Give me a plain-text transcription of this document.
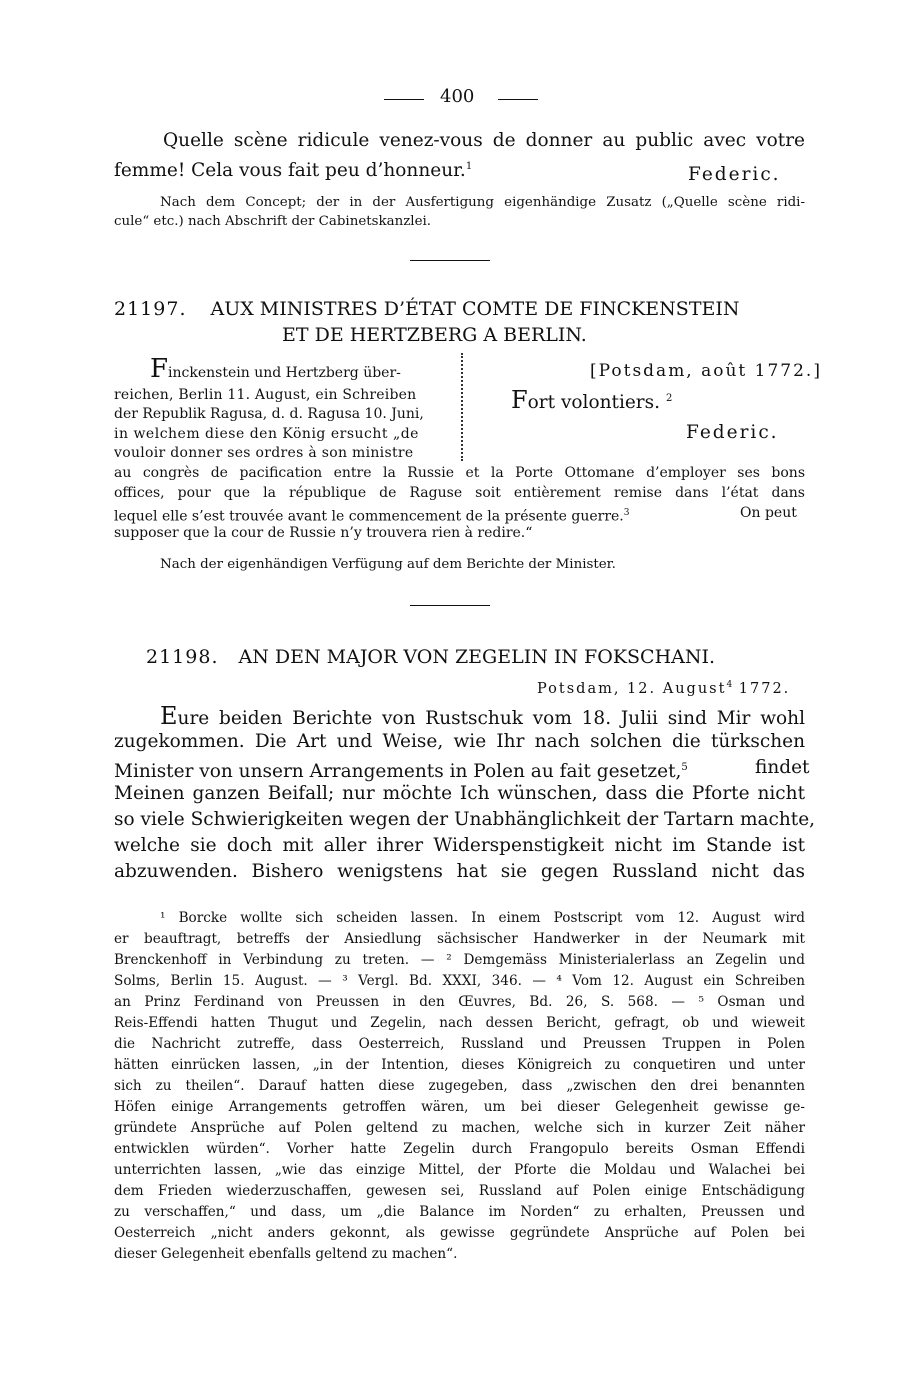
400
Quelle scène ridicule venez-vous de donner au public avec votre
femme! Cela vous fait peu d’honneur.$^1$	Federic.
Nach dem Concept; der in der Ausfertigung eigenhändige Zusatz („Quelle scène ridi-
cule“ etc.) nach Abschrift der Cabinetskanzlei.
21197. AUX MINISTRES D’ÉTAT COMTE DE FINCKENSTEIN
ET DE HERTZBERG A BERLIN.
Finckenstein und Hertzberg über-
reichen, Berlin 11. August, ein Schreiben
der Republik Ragusa, d. d. Ragusa 10. Juni,
in welchem diese den König ersucht „de
vouloir donner ses ordres à son ministre
[Potsdam, août 1772.]
Fort volontiers. $^2$
Federic.
au congrès de pacification entre la Russie et la Porte Ottomane d’employer ses bons
offices, pour que la république de Raguse soit entièrement remise dans l’état dans
lequel elle s’est trouvée avant le commencement de la présente guerre.$^3$	On peut
supposer que la cour de Russie n’y trouvera rien à redire.“
Nach der eigenhändigen Verfügung auf dem Berichte der Minister.
21198. AN DEN MAJOR VON ZEGELIN IN FOKSCHANI.
Potsdam, 12. August$^4$ 1772.
Eure beiden Berichte von Rustschuk vom 18. Julii sind Mir wohl
zugekommen. Die Art und Weise, wie Ihr nach solchen die türkschen
Minister von unsern Arrangements in Polen au fait gesetzet,$^5$	findet
Meinen ganzen Beifall; nur möchte Ich wünschen, dass die Pforte nicht
so viele Schwierigkeiten wegen der Unabhänglichkeit der Tartarn machte,
welche sie doch mit aller ihrer Widerspenstigkeit nicht im Stande ist
abzuwenden. Bishero wenigstens hat sie gegen Russland nicht das
¹ Borcke wollte sich scheiden lassen. In einem Postscript vom 12. August wird
er beauftragt, betreffs der Ansiedlung sächsischer Handwerker in der Neumark mit
Brenckenhoff in Verbindung zu treten. — ² Demgemäss Ministerialerlass an Zegelin und
Solms, Berlin 15. August. — ³ Vergl. Bd. XXXI, 346. — ⁴ Vom 12. August ein Schreiben
an Prinz Ferdinand von Preussen in den Œuvres, Bd. 26, S. 568. — ⁵ Osman und
Reis-Effendi hatten Thugut und Zegelin, nach dessen Bericht, gefragt, ob und wieweit
die Nachricht zutreffe, dass Oesterreich, Russland und Preussen Truppen in Polen
hätten einrücken lassen, „in der Intention, dieses Königreich zu conquetiren und unter
sich zu theilen“. Darauf hatten diese zugegeben, dass „zwischen den drei benannten
Höfen einige Arrangements getroffen wären, um bei dieser Gelegenheit gewisse ge-
gründete Ansprüche auf Polen geltend zu machen, welche sich in kurzer Zeit näher
entwicklen würden“. Vorher hatte Zegelin durch Frangopulo bereits Osman Effendi
unterrichten lassen, „wie das einzige Mittel, der Pforte die Moldau und Walachei bei
dem Frieden wiederzuschaffen, gewesen sei, Russland auf Polen einige Entschädigung
zu verschaffen,“ und dass, um „die Balance im Norden“ zu erhalten, Preussen und
Oesterreich „nicht anders gekonnt, als gewisse gegründete Ansprüche auf Polen bei
dieser Gelegenheit ebenfalls geltend zu machen“.
